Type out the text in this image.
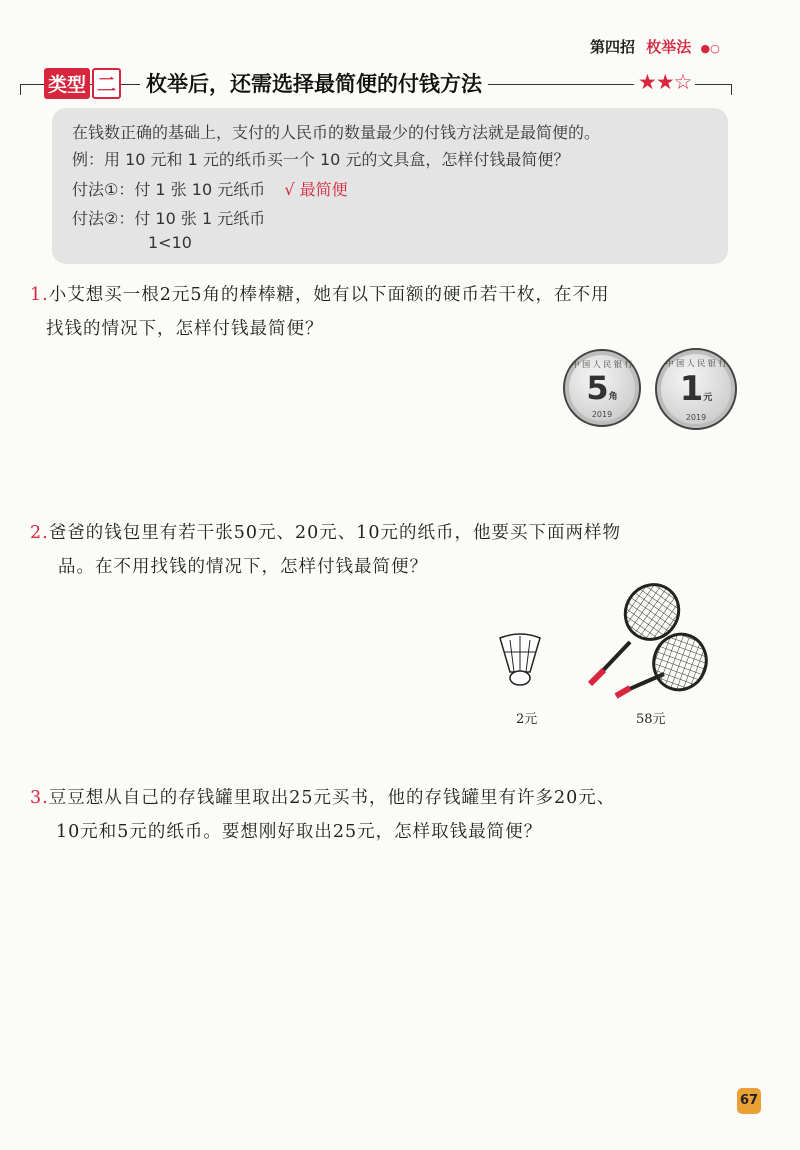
第四招 枚举法 ●○
类型 二 枚举后，还需选择最简便的付钱方法	★★☆
在钱数正确的基础上，支付的人民币的数量最少的付钱方法就是最简便的。
例：用 10 元和 1 元的纸币买一个 10 元的文具盒，怎样付钱最简便？
付法①：付 1 张 10 元纸币 √ 最简便
付法②：付 10 张 1 元纸币
1<10
1.小艾想买一根2元5角的棒棒糖，她有以下面额的硬币若干枚，在不用
找钱的情况下，怎样付钱最简便？
中 国 人 民 银 行
5角
2019
中 国 人 民 银 行
1元
2019
2.爸爸的钱包里有若干张50元、20元、10元的纸币，他要买下面两样物
品。在不用找钱的情况下，怎样付钱最简便？
2元	58元
3.豆豆想从自己的存钱罐里取出25元买书，他的存钱罐里有许多20元、
10元和5元的纸币。要想刚好取出25元，怎样取钱最简便？
67
